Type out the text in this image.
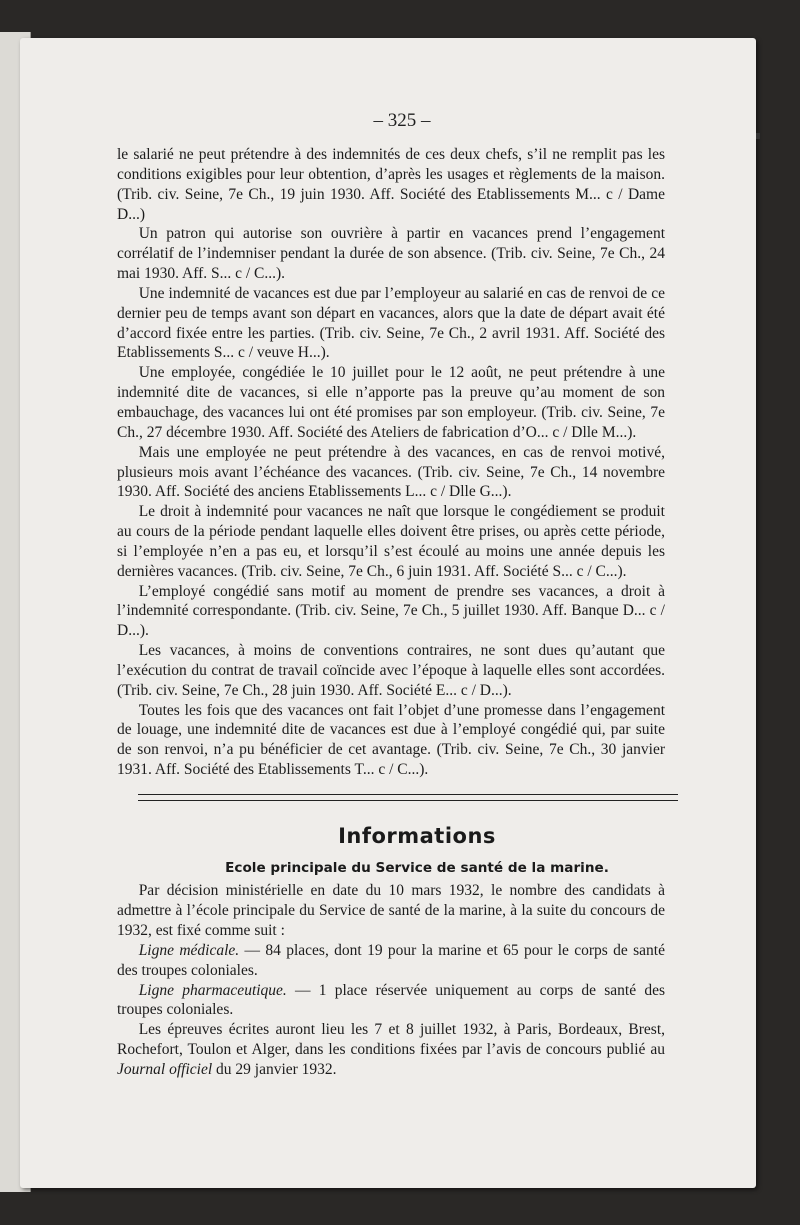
– 325 –

le salarié ne peut prétendre à des indemnités de ces deux chefs, s’il ne remplit pas les conditions exigibles pour leur obtention, d’après les usages et règlements de la maison. (Trib. civ. Seine, 7e Ch., 19 juin 1930. Aff. Société des Etablissements M... c / Dame D...)

Un patron qui autorise son ouvrière à partir en vacances prend l’engagement corrélatif de l’indemniser pendant la durée de son absence. (Trib. civ. Seine, 7e Ch., 24 mai 1930. Aff. S... c / C...).

Une indemnité de vacances est due par l’employeur au salarié en cas de renvoi de ce dernier peu de temps avant son départ en vacances, alors que la date de départ avait été d’accord fixée entre les parties. (Trib. civ. Seine, 7e Ch., 2 avril 1931. Aff. Société des Etablissements S... c / veuve H...).

Une employée, congédiée le 10 juillet pour le 12 août, ne peut prétendre à une indemnité dite de vacances, si elle n’apporte pas la preuve qu’au moment de son embauchage, des vacances lui ont été promises par son employeur. (Trib. civ. Seine, 7e Ch., 27 décembre 1930. Aff. Société des Ateliers de fabrication d’O... c / Dlle M...).

Mais une employée ne peut prétendre à des vacances, en cas de renvoi motivé, plusieurs mois avant l’échéance des vacances. (Trib. civ. Seine, 7e Ch., 14 novembre 1930. Aff. Société des anciens Etablissements L... c / Dlle G...).

Le droit à indemnité pour vacances ne naît que lorsque le congédiement se produit au cours de la période pendant laquelle elles doivent être prises, ou après cette période, si l’employée n’en a pas eu, et lorsqu’il s’est écoulé au moins une année depuis les dernières vacances. (Trib. civ. Seine, 7e Ch., 6 juin 1931. Aff. Société S... c / C...).

L’employé congédié sans motif au moment de prendre ses vacances, a droit à l’indemnité correspondante. (Trib. civ. Seine, 7e Ch., 5 juillet 1930. Aff. Banque D... c / D...).

Les vacances, à moins de conventions contraires, ne sont dues qu’autant que l’exécution du contrat de travail coïncide avec l’époque à laquelle elles sont accordées. (Trib. civ. Seine, 7e Ch., 28 juin 1930. Aff. Société E... c / D...).

Toutes les fois que des vacances ont fait l’objet d’une promesse dans l’engagement de louage, une indemnité dite de vacances est due à l’employé congédié qui, par suite de son renvoi, n’a pu bénéficier de cet avantage. (Trib. civ. Seine, 7e Ch., 30 janvier 1931. Aff. Société des Etablissements T... c / C...).

Informations
Ecole principale du Service de santé de la marine.

Par décision ministérielle en date du 10 mars 1932, le nombre des candidats à admettre à l’école principale du Service de santé de la marine, à la suite du concours de 1932, est fixé comme suit :

Ligne médicale. — 84 places, dont 19 pour la marine et 65 pour le corps de santé des troupes coloniales.

Ligne pharmaceutique. — 1 place réservée uniquement au corps de santé des troupes coloniales.

Les épreuves écrites auront lieu les 7 et 8 juillet 1932, à Paris, Bordeaux, Brest, Rochefort, Toulon et Alger, dans les conditions fixées par l’avis de concours publié au Journal officiel du 29 janvier 1932.
